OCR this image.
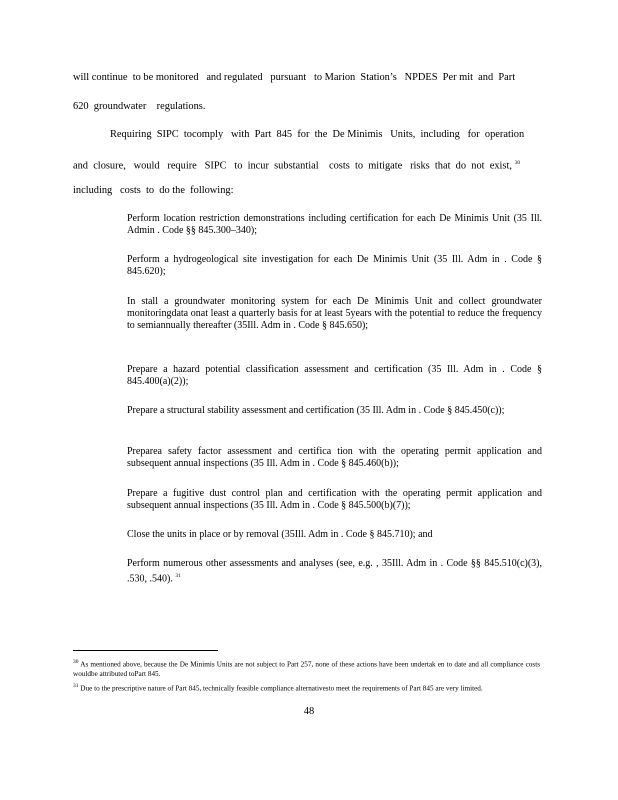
will continue  to be monitored   and regulated   pursuant   to Marion  Station’s   NPDES  Per mit  and  Part
620  groundwater    regulations.
Requiring  SIPC  tocomply   with  Part  845  for  the  De Minimis   Units,  including   for  operation
and  closure,   would   require   SIPC   to  incur  substantial    costs  to  mitigate   risks  that  do  not  exist, $^{30}$
including   costs  to  do the  following:
Perform location restriction demonstrations including certification for each De Minimis Unit (35 Ill. Admin . Code §§ 845.300–340);
Perform a hydrogeological site investigation for each De Minimis Unit (35 Ill. Adm in . Code § 845.620);
In stall a groundwater monitoring system for each De Minimis Unit and collect groundwater monitoringdata onat least a quarterly basis for at least 5years with the potential to reduce the frequency to semiannually thereafter (35Ill. Adm in . Code § 845.650);
Prepare a hazard potential classification assessment and certification (35 Ill. Adm in . Code § 845.400(a)(2));
Prepare a structural stability assessment and certification (35 Ill. Adm in . Code § 845.450(c));
Preparea safety factor assessment and certifica tion with the operating permit application and subsequent annual inspections (35 Ill. Adm in . Code § 845.460(b));
Prepare a fugitive dust control plan and certification with the operating permit application and subsequent annual inspections (35 Ill. Adm in . Code § 845.500(b)(7));
Close the units in place or by removal (35Ill. Adm in . Code § 845.710); and
Perform numerous other assessments and analyses (see, e.g. , 35Ill. Adm in . Code §§ 845.510(c)(3), .530, .540). $^{31}$
$^{30}$ As mentioned above, because the De Minimis Units are not subject to Part 257, none of these actions have been undertak en to date and all compliance costs wouldbe attributed toPart 845.
$^{31}$ Due to the prescriptive nature of Part 845, technically feasible compliance alternativesto meet the requirements of Part 845 are very limited.
48
